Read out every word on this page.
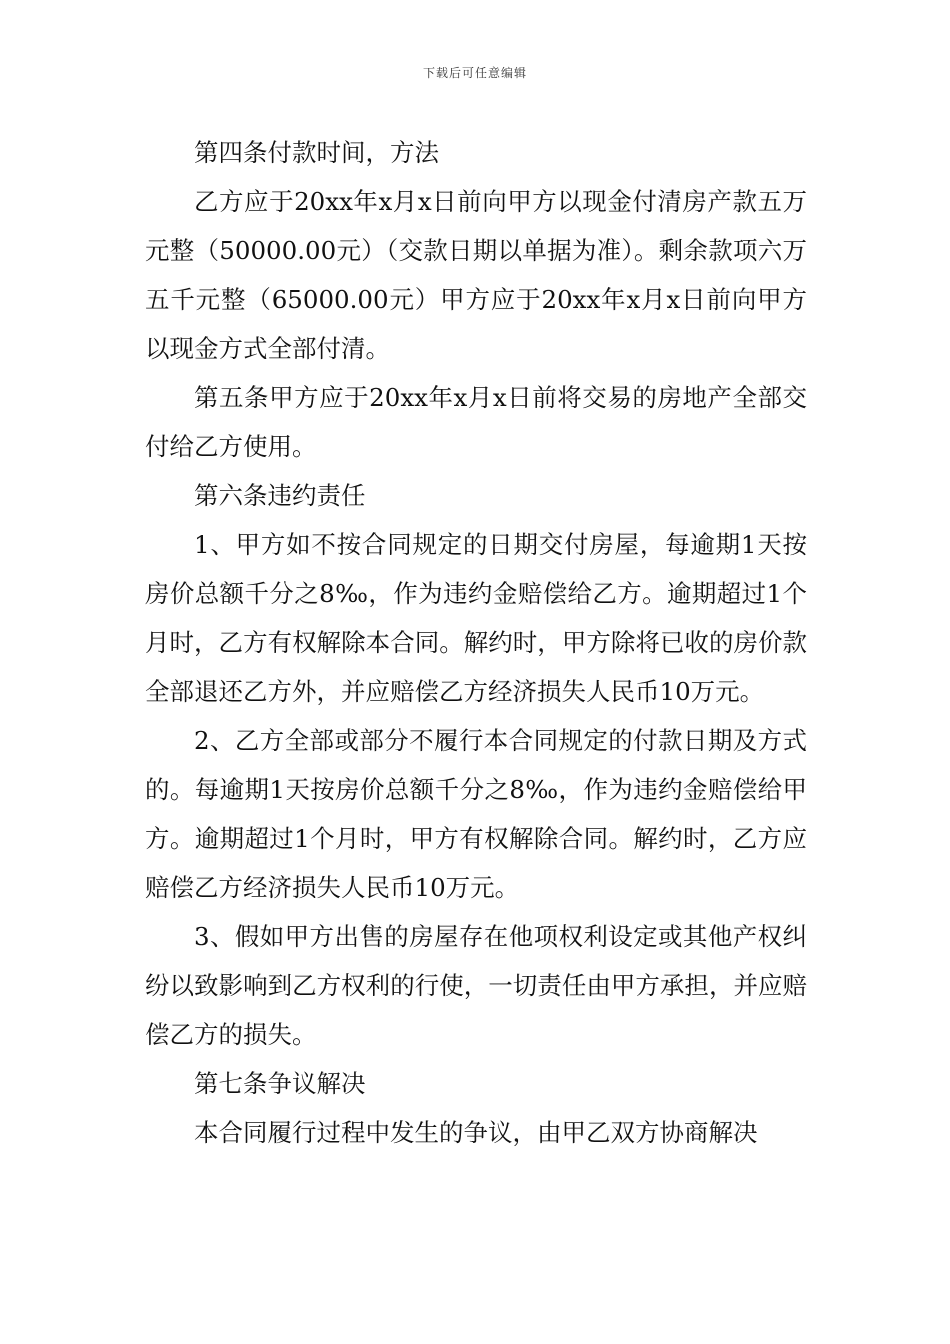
下载后可任意编辑

第四条付款时间，方法

乙方应于20xx年x月x日前向甲方以现金付清房产款五万元整（50000.00元）（交款日期以单据为准）。剩余款项六万五千元整（65000.00元）甲方应于20xx年x月x日前向甲方以现金方式全部付清。

第五条甲方应于20xx年x月x日前将交易的房地产全部交付给乙方使用。

第六条违约责任

1、甲方如不按合同规定的日期交付房屋，每逾期1天按房价总额千分之8‰，作为违约金赔偿给乙方。逾期超过1个月时，乙方有权解除本合同。解约时，甲方除将已收的房价款全部退还乙方外，并应赔偿乙方经济损失人民币10万元。

2、乙方全部或部分不履行本合同规定的付款日期及方式的。每逾期1天按房价总额千分之8‰，作为违约金赔偿给甲方。逾期超过1个月时，甲方有权解除合同。解约时，乙方应赔偿乙方经济损失人民币10万元。

3、假如甲方出售的房屋存在他项权利设定或其他产权纠纷以致影响到乙方权利的行使，一切责任由甲方承担，并应赔偿乙方的损失。

第七条争议解决

本合同履行过程中发生的争议，由甲乙双方协商解决
